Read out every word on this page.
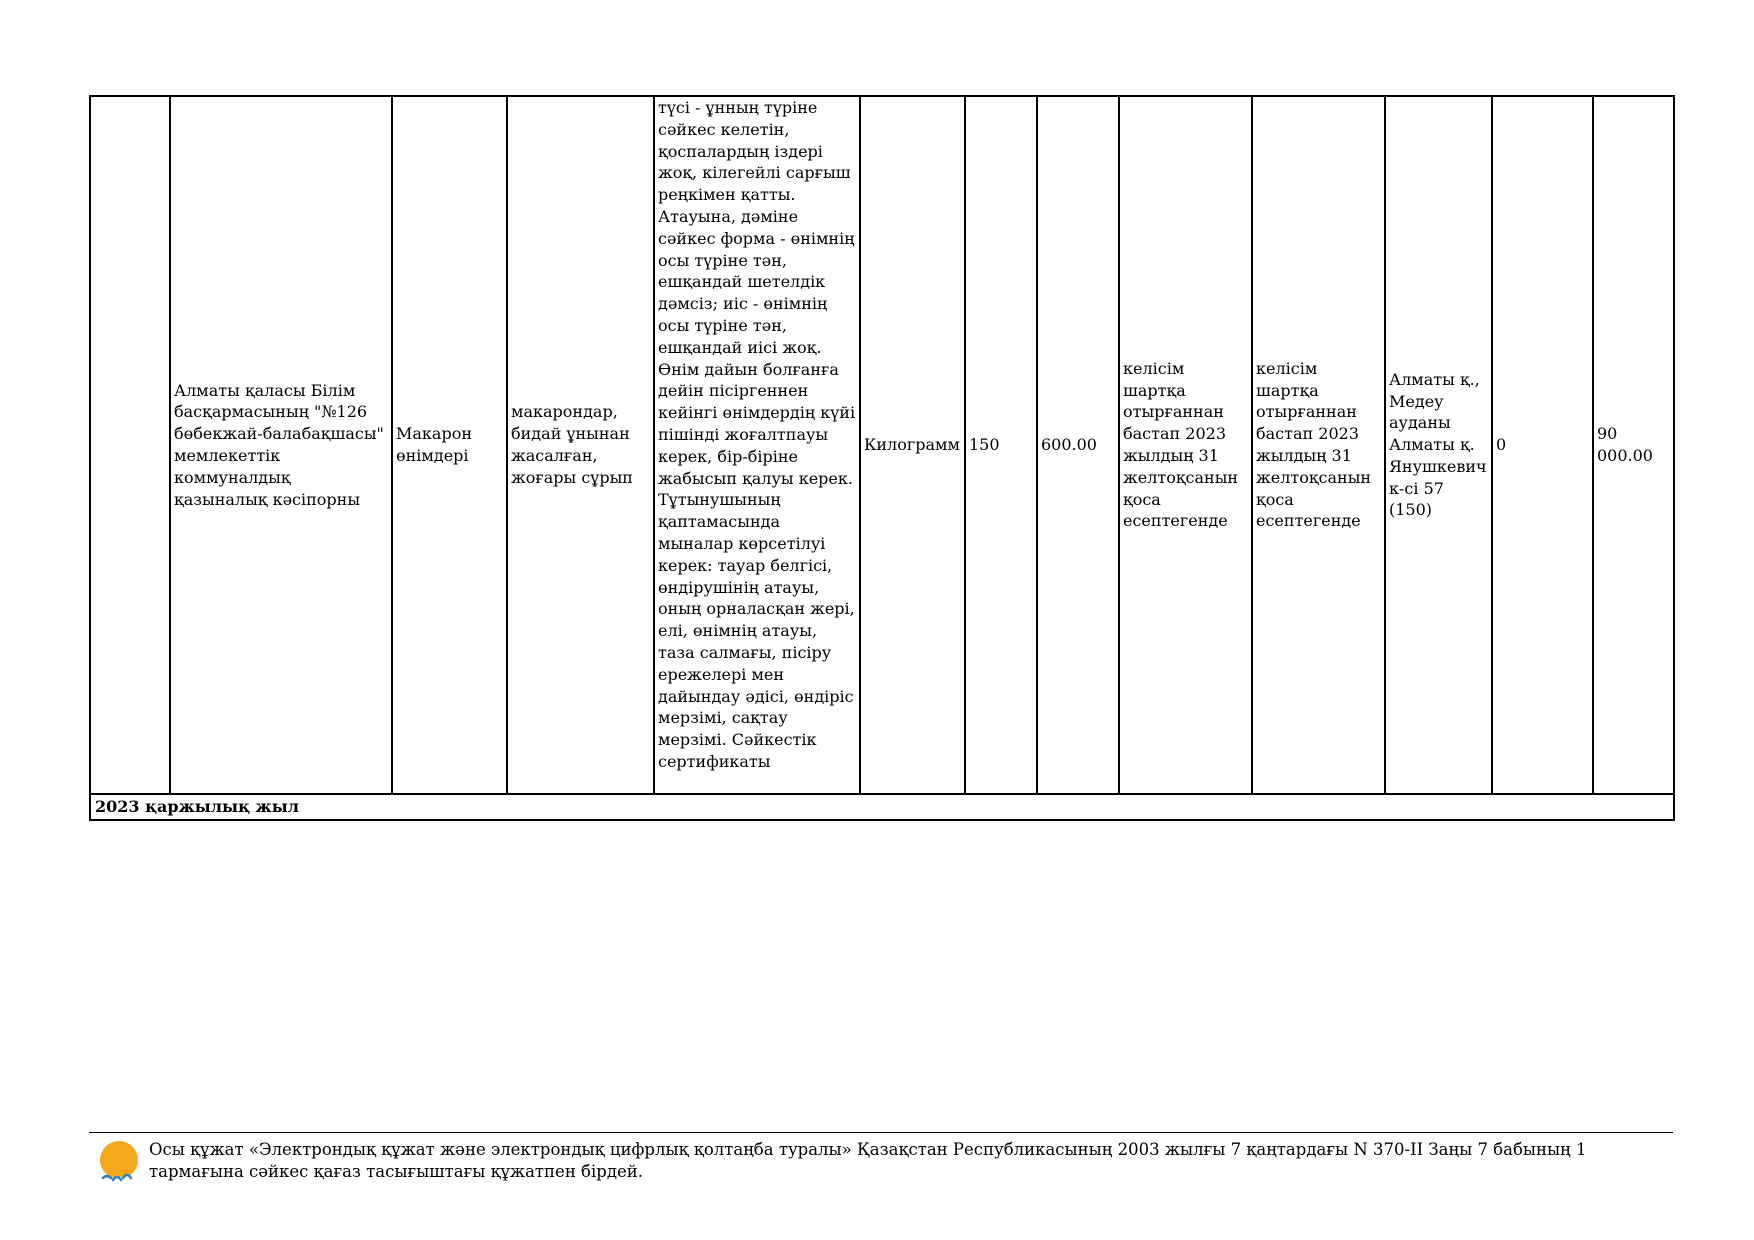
	Алматы қаласы Білім басқармасының "№126 бөбекжай-балабақшасы" мемлекеттік коммуналдық қазыналық кәсіпорны	Макарон өнімдері	макарондар, бидай ұнынан жасалған, жоғары сұрып	түсі - ұнның түріне сәйкес келетін, қоспалардың іздері жоқ, кілегейлі сарғыш реңкімен қатты. Атауына, дәміне сәйкес форма - өнімнің осы түріне тән, ешқандай шетелдік дәмсіз; иіс - өнімнің осы түріне тән, ешқандай иісі жоқ. Өнім дайын болғанға дейін пісіргеннен кейінгі өнімдердің күйі пішінді жоғалтпауы керек, бір-біріне жабысып қалуы керек. Тұтынушының қаптамасында мыналар көрсетілуі керек: тауар белгісі, өндірушінің атауы, оның орналасқан жері, елі, өнімнің атауы, таза салмағы, пісіру ережелері мен дайындау әдісі, өндіріс мерзімі, сақтау мерзімі. Сәйкестік сертификаты	Килограмм	150	600.00	келісім шартқа отырғаннан бастап 2023 жылдың 31 желтоқсанын қоса есептегенде	келісім шартқа отырғаннан бастап 2023 жылдың 31 желтоқсанын қоса есептегенде	Алматы қ., Медеу ауданы Алматы қ. Янушкевич к-сі 57 (150)	0	90 000.00
2023 қаржылық жыл
Осы құжат «Электрондық құжат және электрондық цифрлық қолтаңба туралы» Қазақстан Республикасының 2003 жылғы 7 қаңтардағы N 370-II Заңы 7 бабының 1 тармағына сәйкес қағаз тасығыштағы құжатпен бірдей.
